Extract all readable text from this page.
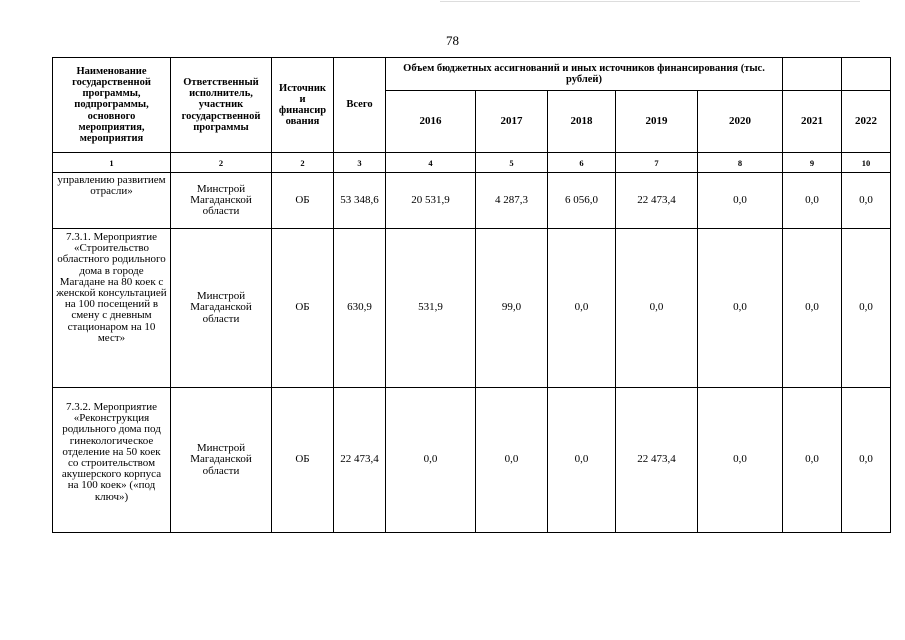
78
Наименование государственной программы, подпрограммы, основного мероприятия, мероприятия	Ответственный исполнитель, участник государственной программы	Источник и финансир ования	Всего	Объем бюджетных ассигнований и иных источников финансирования (тыс. рублей)						
				2016	2017	2018	2019	2020	2021	2022
1	2	2	3	4	5	6	7	8	9	10
управлению развитием отрасли»	Минстрой Магаданской области	ОБ	53 348,6	20 531,9	4 287,3	6 056,0	22 473,4	0,0	0,0	0,0
7.3.1. Мероприятие «Строительство областного родильного дома в городе Магадане на 80 коек с женской консультацией на 100 посещений в смену с дневным стационаром на 10 мест»	Минстрой Магаданской области	ОБ	630,9	531,9	99,0	0,0	0,0	0,0	0,0	0,0
7.3.2. Мероприятие «Реконструкция родильного дома под гинекологическое отделение на 50 коек со строительством акушерского корпуса на 100 коек» («под ключ»)	Минстрой Магаданской области	ОБ	22 473,4	0,0	0,0	0,0	22 473,4	0,0	0,0	0,0
